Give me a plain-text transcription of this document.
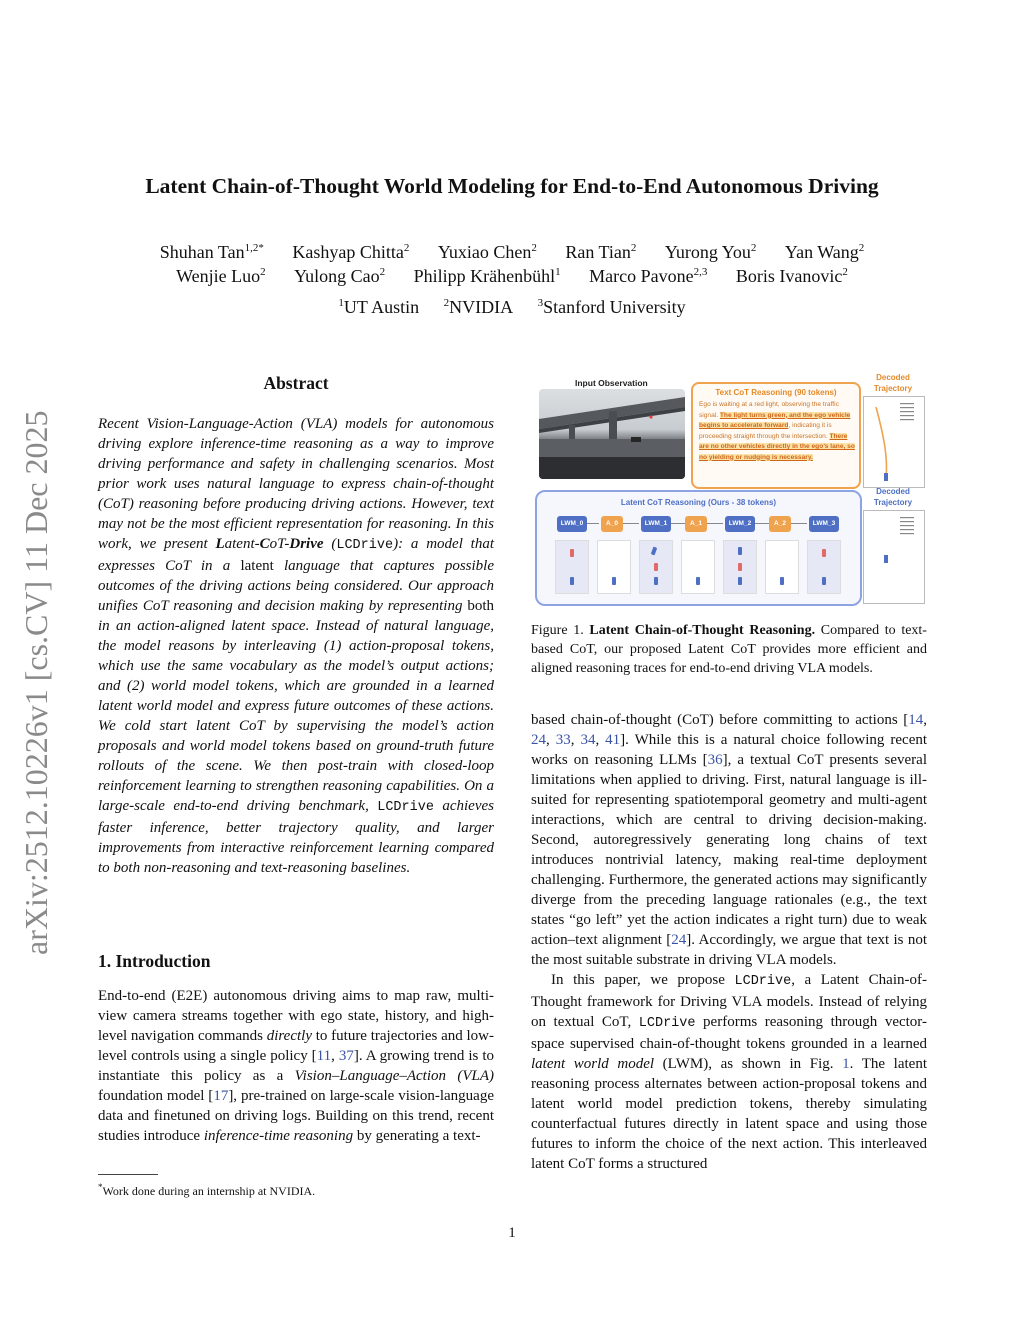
arXiv:2512.10226v1 [cs.CV] 11 Dec 2025
Latent Chain-of-Thought World Modeling for End-to-End Autonomous Driving
Shuhan Tan$^{1,2*}$ Kashyap Chitta$^2$ Yuxiao Chen$^2$ Ran Tian$^2$ Yurong You$^2$ Yan Wang$^2$
Wenjie Luo$^2$ Yulong Cao$^2$ Philipp Krähenbühl$^1$ Marco Pavone$^{2,3}$ Boris Ivanovic$^2$
$^1$UT Austin $^2$NVIDIA $^3$Stanford University
Abstract
Recent Vision-Language-Action (VLA) models for autonomous driving explore inference-time reasoning as a way to improve driving performance and safety in challenging scenarios. Most prior work uses natural language to express chain-of-thought (CoT) reasoning before producing driving actions. However, text may not be the most efficient representation for reasoning. In this work, we present Latent-CoT-Drive (LCDrive): a model that expresses CoT in a latent language that captures possible outcomes of the driving actions being considered. Our approach unifies CoT reasoning and decision making by representing both in an action-aligned latent space. Instead of natural language, the model reasons by interleaving (1) action-proposal tokens, which use the same vocabulary as the model’s output actions; and (2) world model tokens, which are grounded in a learned latent world model and express future outcomes of these actions. We cold start latent CoT by supervising the model’s action proposals and world model tokens based on ground-truth future rollouts of the scene. We then post-train with closed-loop reinforcement learning to strengthen reasoning capabilities. On a large-scale end-to-end driving benchmark, LCDrive achieves faster inference, better trajectory quality, and larger improvements from interactive reinforcement learning compared to both non-reasoning and text-reasoning baselines.
1. Introduction
End-to-end (E2E) autonomous driving aims to map raw, multi-view camera streams together with ego state, history, and high-level navigation commands directly to future trajectories and low-level controls using a single policy [11, 37]. A growing trend is to instantiate this policy as a Vision–Language–Action (VLA) foundation model [17], pre-trained on large-scale vision-language data and finetuned on driving logs. Building on this trend, recent studies introduce inference-time reasoning by generating a text-
*Work done during an internship at NVIDIA.
Input Observation
Text CoT Reasoning (90 tokens)
Ego is waiting at a red light, observing the traffic signal. The light turns green, and the ego vehicle begins to accelerate forward, indicating it is proceeding straight through the intersection. There are no other vehicles directly in the ego’s lane, so no yielding or nudging is necessary.
Decoded Trajectory
Latent CoT Reasoning (Ours - 38 tokens)
LWM_0	A_0	LWM_1	A_1	LWM_2	A_2	LWM_3
Decoded Trajectory
Figure 1. Latent Chain-of-Thought Reasoning. Compared to text-based CoT, our proposed Latent CoT provides more efficient and aligned reasoning traces for end-to-end driving VLA models.

based chain-of-thought (CoT) before committing to actions [14, 24, 33, 34, 41]. While this is a natural choice following recent works on reasoning LLMs [36], a textual CoT presents several limitations when applied to driving. First, natural language is ill-suited for representing spatiotemporal geometry and multi-agent interactions, which are central to driving decision-making. Second, autoregressively generating long chains of text introduces nontrivial latency, making real-time deployment challenging. Furthermore, the generated actions may significantly diverge from the preceding language rationales (e.g., the text states “go left” yet the action indicates a right turn) due to weak action–text alignment [24]. Accordingly, we argue that text is not the most suitable substrate in driving VLA models.

In this paper, we propose LCDrive, a Latent Chain-of-Thought framework for Driving VLA models. Instead of relying on textual CoT, LCDrive performs reasoning through vector-space supervised chain-of-thought tokens grounded in a learned latent world model (LWM), as shown in Fig. 1. The latent reasoning process alternates between action-proposal tokens and latent world model prediction tokens, thereby simulating counterfactual futures directly in latent space and using those futures to inform the choice of the next action. This interleaved latent CoT forms a structured

1
